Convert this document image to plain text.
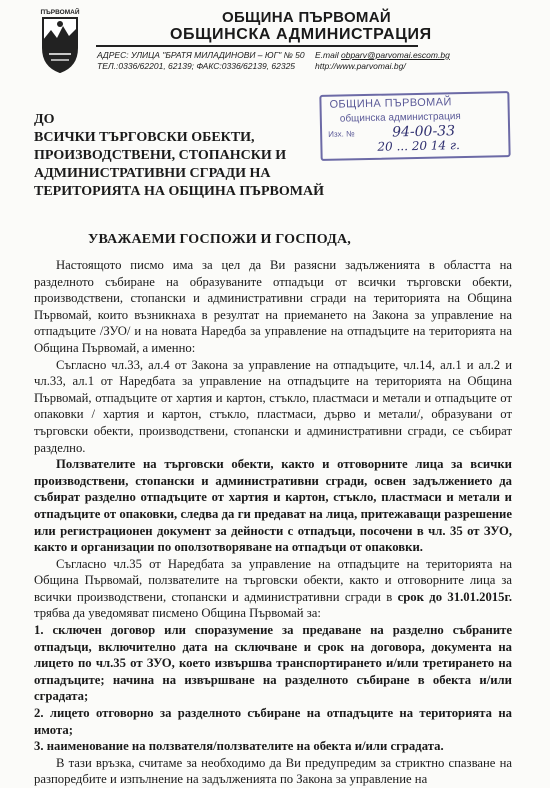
ПЪРВОМАЙ	ОБЩИНА ПЪРВОМАЙ
ОБЩИНСКА АДМИНИСТРАЦИЯ
АДРЕС: УЛИЦА "БРАТЯ МИЛАДИНОВИ – ЮГ" № 50
ТЕЛ.:0336/62201, 62139; ФАКС:0336/62139, 62325
E.mail obparv@parvomai.escom.bg
http://www.parvomai.bg/
ДО
ВСИЧКИ ТЪРГОВСКИ ОБЕКТИ,
ПРОИЗВОДСТВЕНИ, СТОПАНСКИ И
АДМИНИСТРАТИВНИ СГРАДИ НА
ТЕРИТОРИЯТА НА ОБЩИНА ПЪРВОМАЙ
ОБЩИНА ПЪРВОМАЙ
общинска администрация
Изх. №	94-00-33
20 ... 20 14 г.
УВАЖАЕМИ ГОСПОЖИ И ГОСПОДА,

Настоящото писмо има за цел да Ви разясни задълженията в областта на разделното събиране на образуваните отпадъци от всички търговски обекти, производствени, стопански и административни сгради на територията на Община Първомай, които възникнаха в резултат на приемането на Закона за управление на отпадъците /ЗУО/ и на новата Наредба за управление на отпадъците на територията на Община Първомай, а именно:

Съгласно чл.33, ал.4 от Закона за управление на отпадъците, чл.14, ал.1 и ал.2 и чл.33, ал.1 от Наредбата за управление на отпадъците на територията на Община Първомай, отпадъците от хартия и картон, стъкло, пластмаси и метали и отпадъците от опаковки / хартия и картон, стъкло, пластмаси, дърво и метали/, образувани от търговски обекти, производствени, стопански и административни сгради, се събират разделно.

Ползвателите на търговски обекти, както и отговорните лица за всички производствени, стопански и административни сгради, освен задължението да събират разделно отпадъците от хартия и картон, стъкло, пластмаси и метали и отпадъците от опаковки, следва да ги предават на лица, притежаващи разрешение или регистрационен документ за дейности с отпадъци, посочени в чл. 35 от ЗУО, както и организации по оползотворяване на отпадъци от опаковки.

Съгласно чл.35 от Наредбата за управление на отпадъците на територията на Община Първомай, ползвателите на търговски обекти, както и отговорните лица за всички производствени, стопански и административни сгради в срок до 31.01.2015г. трябва да уведомяват писмено Община Първомай за:

1. сключен договор или споразумение за предаване на разделно събраните отпадъци, включително дата на сключване и срок на договора, документа на лицето по чл.35 от ЗУО, което извършва транспортирането и/или третирането на отпадъците; начина на извършване на разделното събиране в обекта и/или сградата;

2. лицето отговорно за разделното събиране на отпадъците на територията на имота;

3. наименование на ползвателя/ползвателите на обекта и/или сградата.

В тази връзка, считаме за необходимо да Ви предупредим за стриктно спазване на разпоредбите и изпълнение на задълженията по Закона за управление на
